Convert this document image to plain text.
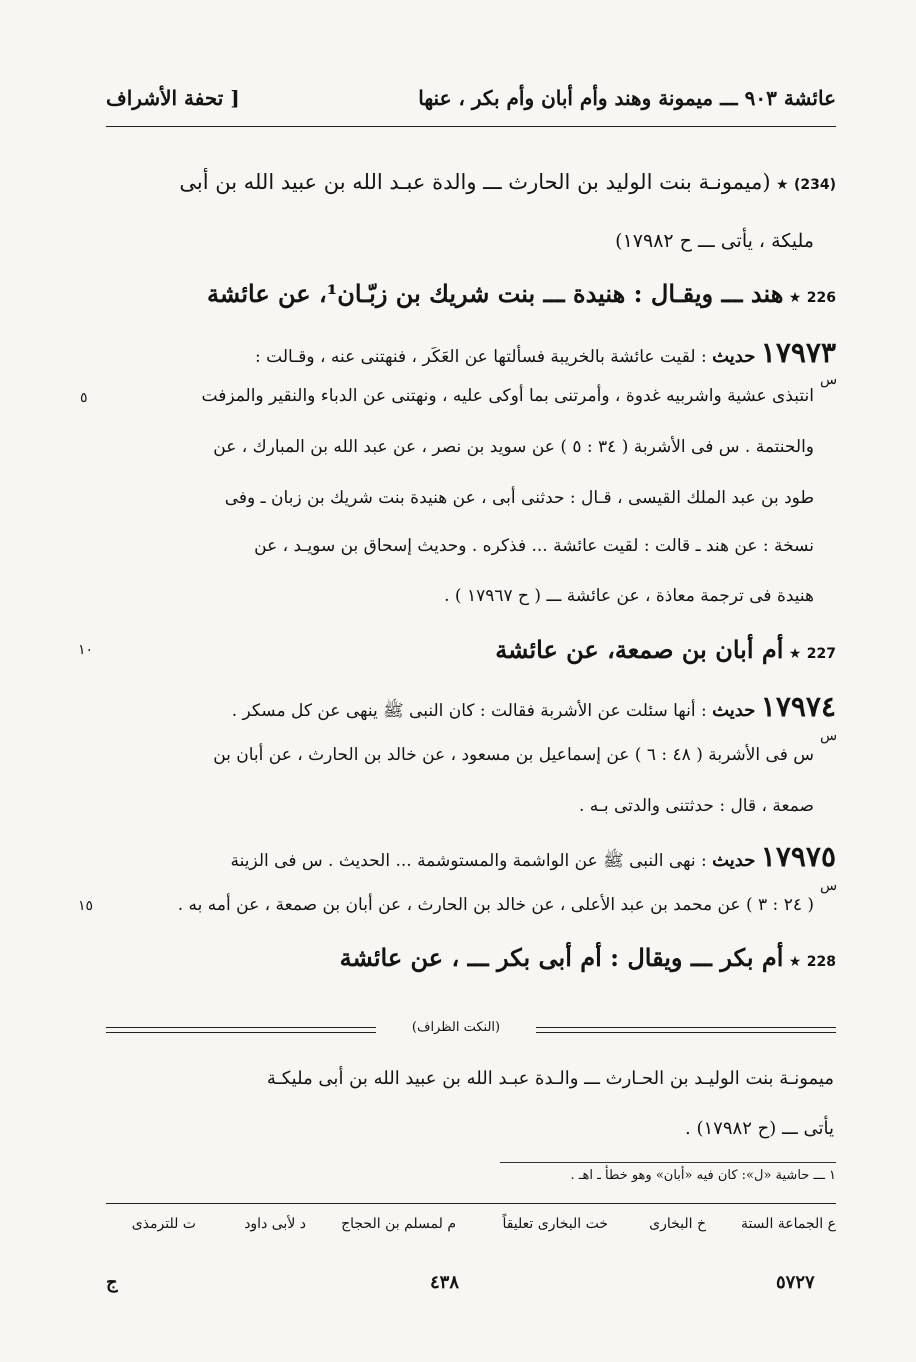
عائشة ٩٠٣ ـــ ميمونة وهند وأم أبان وأم بكر ، عنها
[ تحفة الأشراف
(234) ★ (ميمونـة بنت الوليد بن الحارث ـــ والدة عبـد الله بن عبيد الله بن أبى
مليكة ، يأتى ـــ ح ١٧٩٨٢)
226 ★ هند ـــ ويقـال : هنيدة ـــ بنت شريك بن زبّـان¹، عن عائشة
١٧٩٧٣ حديث : لقيت عائشة بالخريبة فسألتها عن العَكَر ، فنهتنى عنه ، وقـالت :
انتبذى عشية واشربيه غدوة ، وأمرتنى بما أوكى عليه ، ونهتنى عن الدباء والنقير والمزفت
والحنتمة . س فى الأشربة ( ٣٤ : ٥ ) عن سويد بن نصر ، عن عبد الله بن المبارك ، عن
طود بن عبد الملك القيسى ، قـال : حدثنى أبى ، عن هنيدة بنت شريك بن زبان ـ وفى
نسخة : عن هند ـ قالت : لقيت عائشة ... فذكره . وحديث إسحاق بن سويـد ، عن
هنيدة فى ترجمة معاذة ، عن عائشة ـــ ( ح ١٧٩٦٧ ) .
227 ★ أم أبان بن صمعة، عن عائشة
١٧٩٧٤ حديث : أنها سئلت عن الأشربة فقالت : كان النبى ﷺ ينهى عن كل مسكر .
س فى الأشربة ( ٤٨ : ٦ ) عن إسماعيل بن مسعود ، عن خالد بن الحارث ، عن أبان بن
صمعة ، قال : حدثتنى والدتى بـه .
١٧٩٧٥ حديث : نهى النبى ﷺ عن الواشمة والمستوشمة ... الحديث . س فى الزينة
( ٢٤ : ٣ ) عن محمد بن عبد الأعلى ، عن خالد بن الحارث ، عن أبان بن صمعة ، عن أمه به .
228 ★ أم بكر ـــ ويقال : أم أبى بكر ـــ ، عن عائشة
س
س
س
٥
١٠
١٥
(النكت الظراف)
ميمونـة بنت الوليـد بن الحـارث ـــ والـدة عبـد الله بن عبيد الله بن أبى مليكـة
يأتى ـــ (ح ١٧٩٨٢) .
١ ـــ حاشية «ل»: كان فيه «أبان» وهو خطأ ـ اهـ .
ع الجماعة الستة
خ البخارى
خت البخارى تعليقاً
م لمسلم بن الحجاج
د لأبى داود
ت للترمذى
٥٧٢٧
٤٣٨
ج
